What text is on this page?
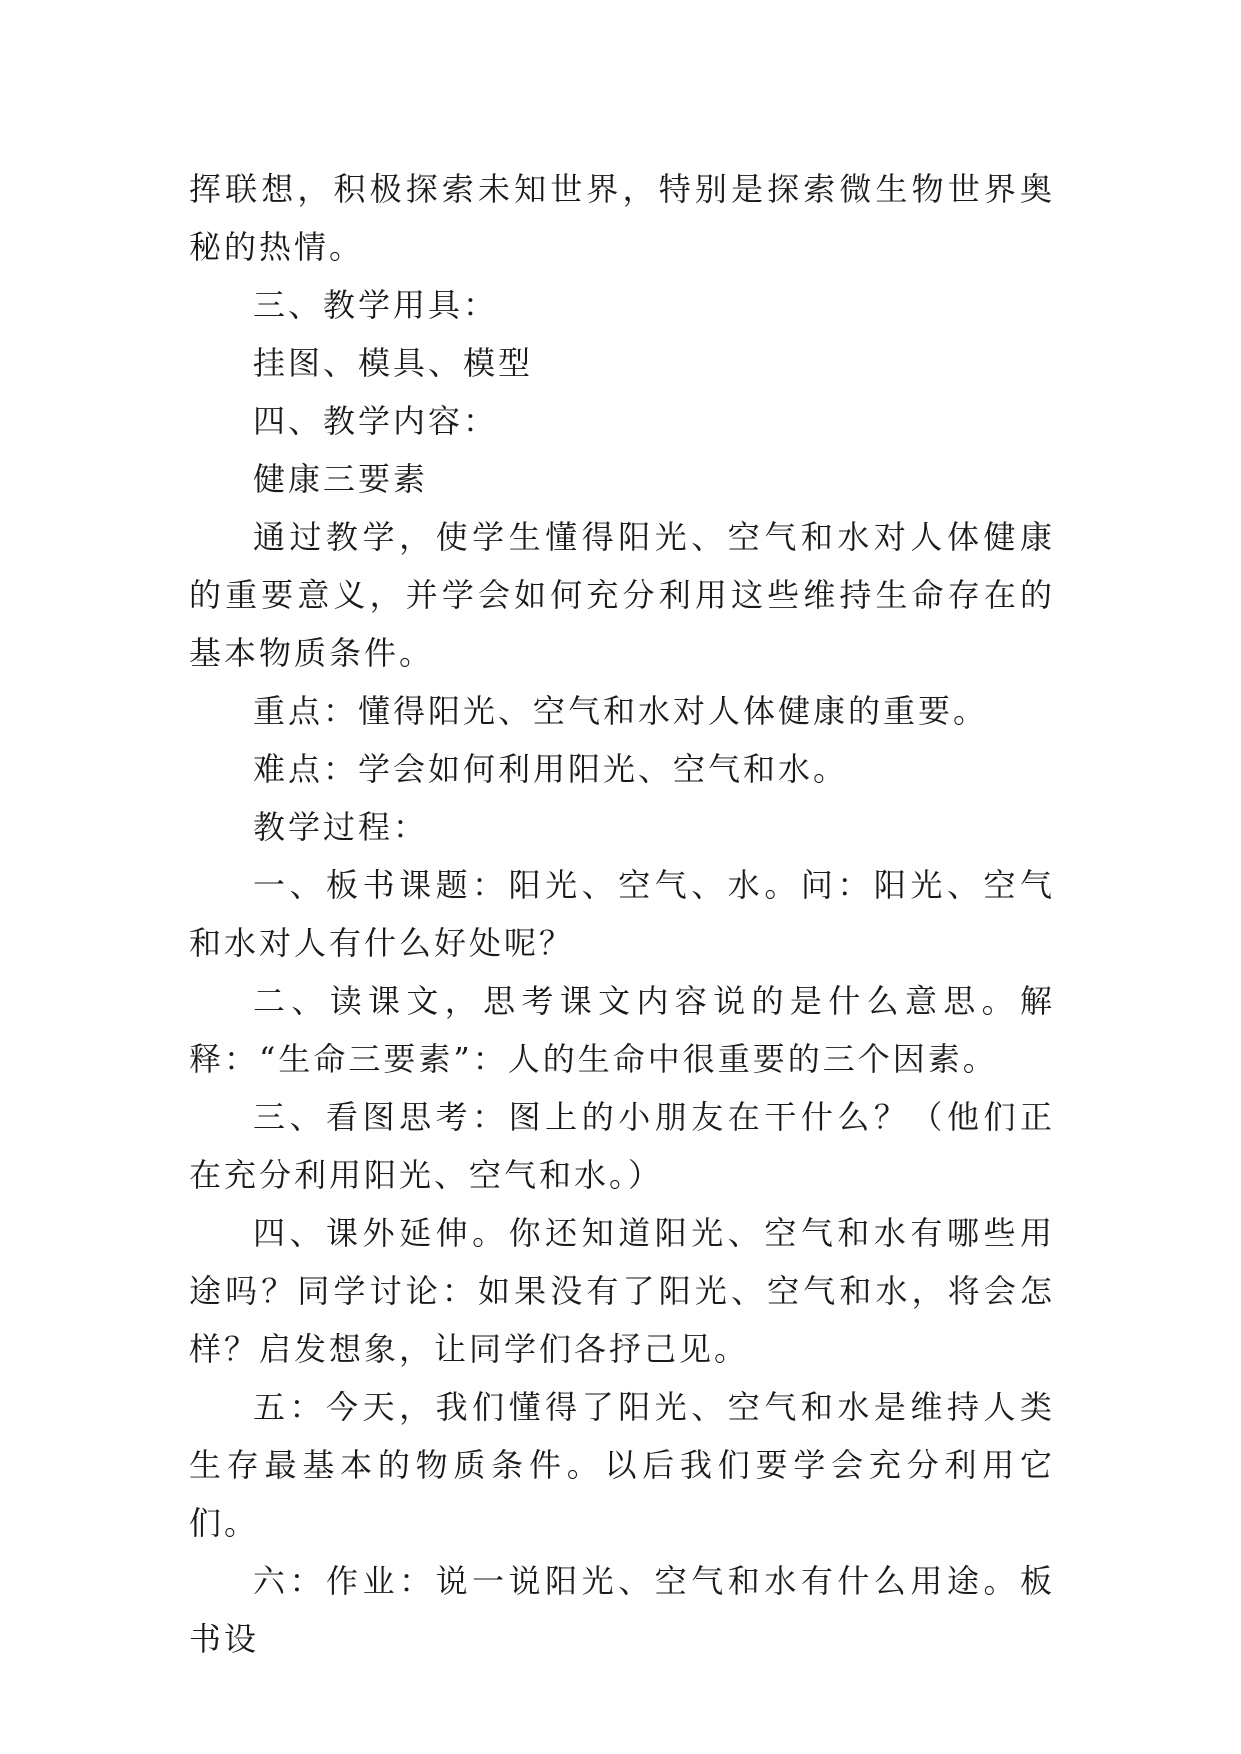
挥联想，积极探索未知世界，特别是探索微生物世界奥秘的热情。

三、教学用具：

挂图、模具、模型

四、教学内容：

健康三要素

通过教学，使学生懂得阳光、空气和水对人体健康的重要意义，并学会如何充分利用这些维持生命存在的基本物质条件。

重点：懂得阳光、空气和水对人体健康的重要。

难点：学会如何利用阳光、空气和水。

教学过程：

一、板书课题：阳光、空气、水。问：阳光、空气和水对人有什么好处呢？

二、读课文，思考课文内容说的是什么意思。解释：“生命三要素”：人的生命中很重要的三个因素。

三、看图思考：图上的小朋友在干什么？（他们正在充分利用阳光、空气和水。）

四、课外延伸。你还知道阳光、空气和水有哪些用途吗？同学讨论：如果没有了阳光、空气和水，将会怎样？启发想象，让同学们各抒己见。

五：今天，我们懂得了阳光、空气和水是维持人类生存最基本的物质条件。以后我们要学会充分利用它们。

六：作业：说一说阳光、空气和水有什么用途。板书设
